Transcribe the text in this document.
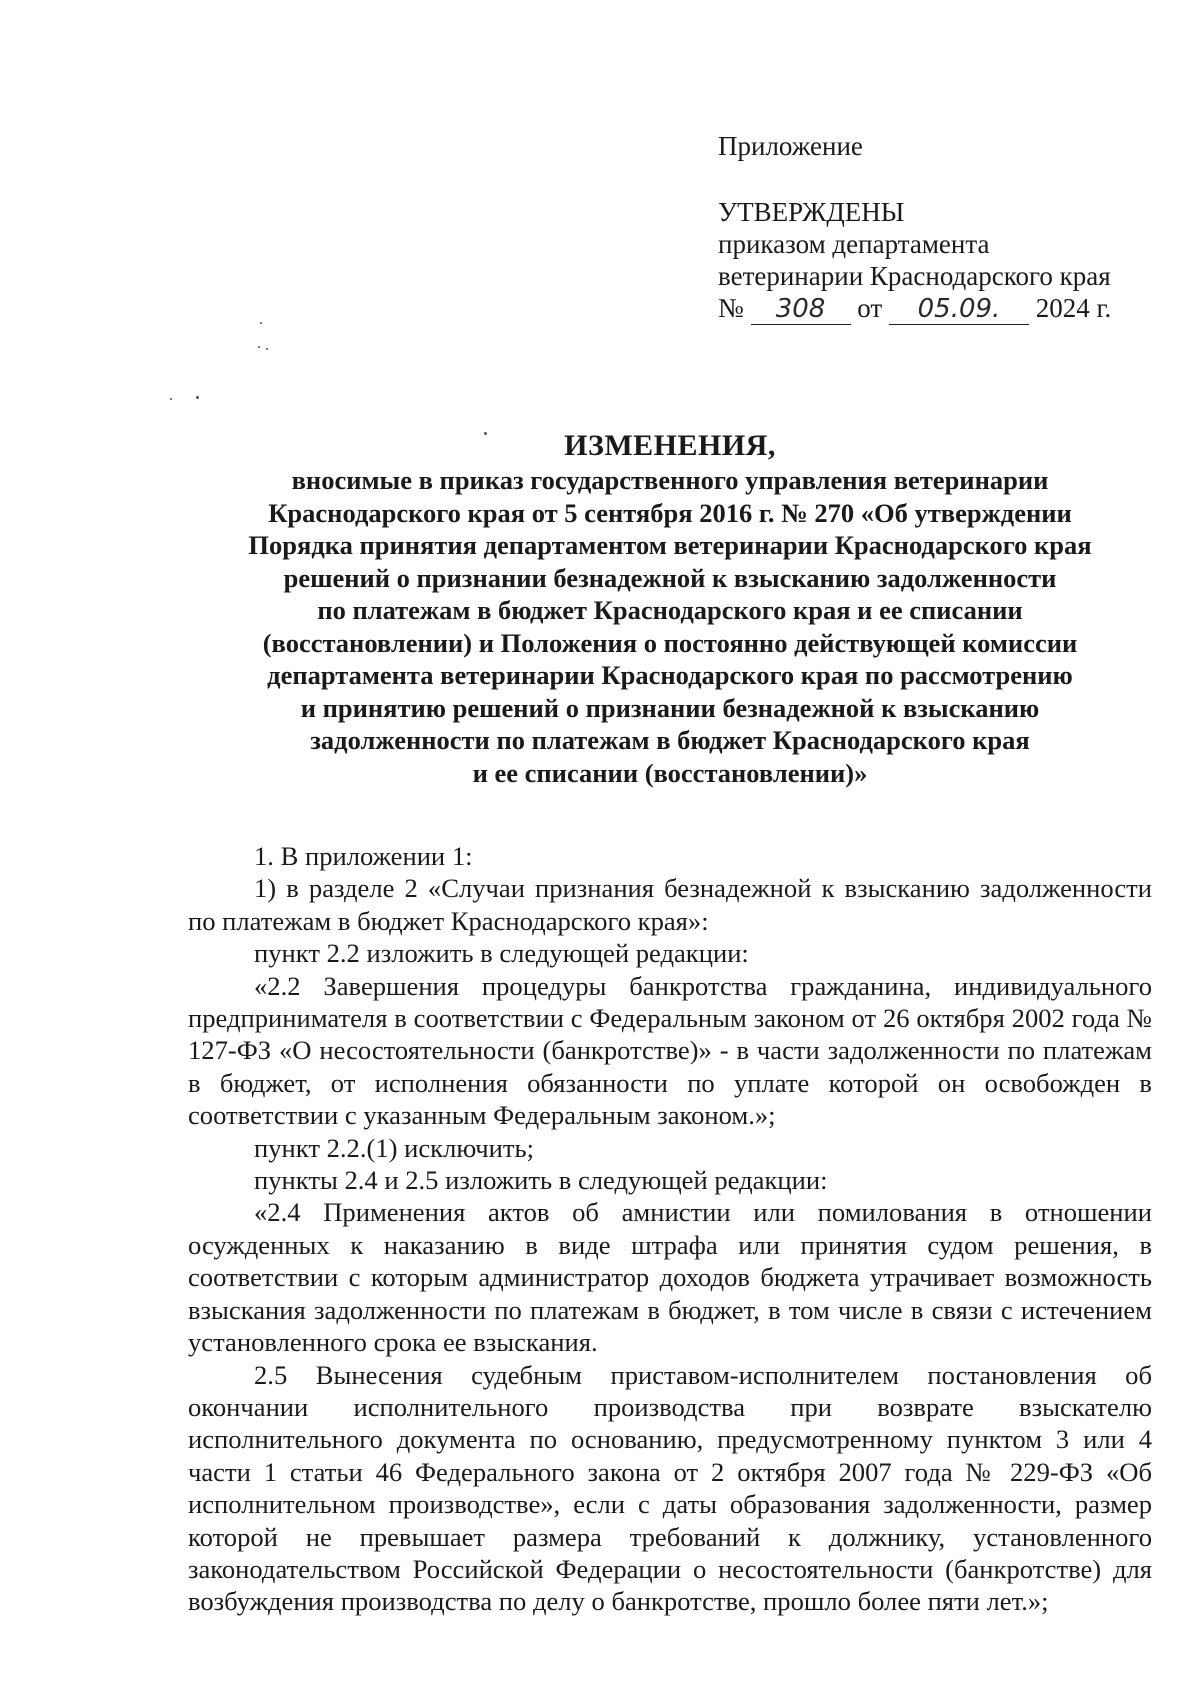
Приложение
УТВЕРЖДЕНЫ
приказом департамента
ветеринарии Краснодарского края
№ 308 от 05.09. 2024 г.
ИЗМЕНЕНИЯ,
вносимые в приказ государственного управления ветеринарии
Краснодарского края от 5 сентября 2016 г. № 270 «Об утверждении
Порядка принятия департаментом ветеринарии Краснодарского края
решений о признании безнадежной к взысканию задолженности
по платежам в бюджет Краснодарского края и ее списании
(восстановлении) и Положения о постоянно действующей комиссии
департамента ветеринарии Краснодарского края по рассмотрению
и принятию решений о признании безнадежной к взысканию
задолженности по платежам в бюджет Краснодарского края
и ее списании (восстановлении)»

1. В приложении 1:

1) в разделе 2 «Случаи признания безнадежной к взысканию задолженности по платежам в бюджет Краснодарского края»:

пункт 2.2 изложить в следующей редакции:

«2.2 Завершения процедуры банкротства гражданина, индивидуального предпринимателя в соответствии с Федеральным законом от 26 октября 2002 года № 127-ФЗ «О несостоятельности (банкротстве)» - в части задолженности по платежам в бюджет, от исполнения обязанности по уплате которой он освобожден в соответствии с указанным Федеральным законом.»;

пункт 2.2.(1) исключить;

пункты 2.4 и 2.5 изложить в следующей редакции:

«2.4 Применения актов об амнистии или помилования в отношении осужденных к наказанию в виде штрафа или принятия судом решения, в соответствии с которым администратор доходов бюджета утрачивает возможность взыскания задолженности по платежам в бюджет, в том числе в связи с истечением установленного срока ее взыскания.

2.5 Вынесения судебным приставом-исполнителем постановления об окончании исполнительного производства при возврате взыскателю исполнительного документа по основанию, предусмотренному пунктом 3 или 4 части 1 статьи 46 Федерального закона от 2 октября 2007 года № 229-ФЗ «Об исполнительном производстве», если с даты образования задолженности, размер которой не превышает размера требований к должнику, установленного законодательством Российской Федерации о несостоятельности (банкротстве) для возбуждения производства по делу о банкротстве, прошло более пяти лет.»;
